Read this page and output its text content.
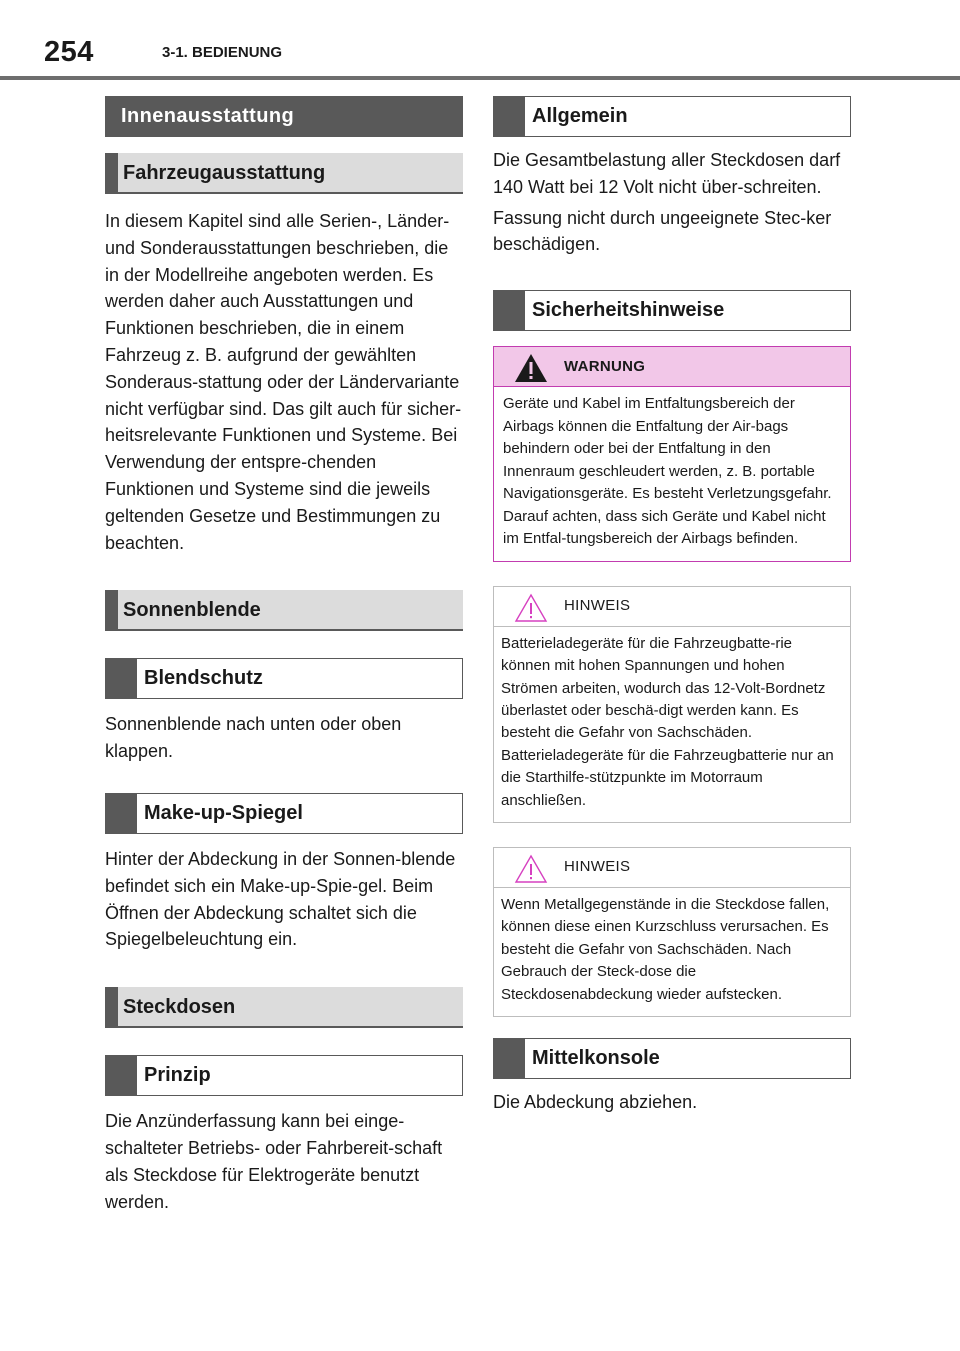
254	3-1. BEDIENUNG
Innenausstattung
Fahrzeugausstattung

In diesem Kapitel sind alle Serien-, Länder- und Sonderausstattungen beschrieben, die in der Modellreihe angeboten werden. Es werden daher auch Ausstattungen und Funktionen beschrieben, die in einem Fahrzeug z. B. aufgrund der gewählten Sonderaus-stattung oder der Ländervariante nicht verfügbar sind. Das gilt auch für sicher-heitsrelevante Funktionen und Systeme. Bei Verwendung der entspre-chenden Funktionen und Systeme sind die jeweils geltenden Gesetze und Bestimmungen zu beachten.

Sonnenblende
Blendschutz

Sonnenblende nach unten oder oben klappen.

Make-up-Spiegel

Hinter der Abdeckung in der Sonnen-blende befindet sich ein Make-up-Spie-gel. Beim Öffnen der Abdeckung schaltet sich die Spiegelbeleuchtung ein.

Steckdosen
Prinzip

Die Anzünderfassung kann bei einge-schalteter Betriebs- oder Fahrbereit-schaft als Steckdose für Elektrogeräte benutzt werden.

Allgemein

Die Gesamtbelastung aller Steckdosen darf 140 Watt bei 12 Volt nicht über-schreiten.

Fassung nicht durch ungeeignete Stec-ker beschädigen.

Sicherheitshinweise
WARNUNG
Geräte und Kabel im Entfaltungsbereich der Airbags können die Entfaltung der Air-bags behindern oder bei der Entfaltung in den Innenraum geschleudert werden, z. B. portable Navigationsgeräte. Es besteht Verletzungsgefahr. Darauf achten, dass sich Geräte und Kabel nicht im Entfal-tungsbereich der Airbags befinden.
HINWEIS
Batterieladegeräte für die Fahrzeugbatte-rie können mit hohen Spannungen und hohen Strömen arbeiten, wodurch das 12-Volt-Bordnetz überlastet oder beschä-digt werden kann. Es besteht die Gefahr von Sachschäden. Batterieladegeräte für die Fahrzeugbatterie nur an die Starthilfe-stützpunkte im Motorraum anschließen.
HINWEIS
Wenn Metallgegenstände in die Steckdose fallen, können diese einen Kurzschluss verursachen. Es besteht die Gefahr von Sachschäden. Nach Gebrauch der Steck-dose die Steckdosenabdeckung wieder aufstecken.
Mittelkonsole

Die Abdeckung abziehen.
